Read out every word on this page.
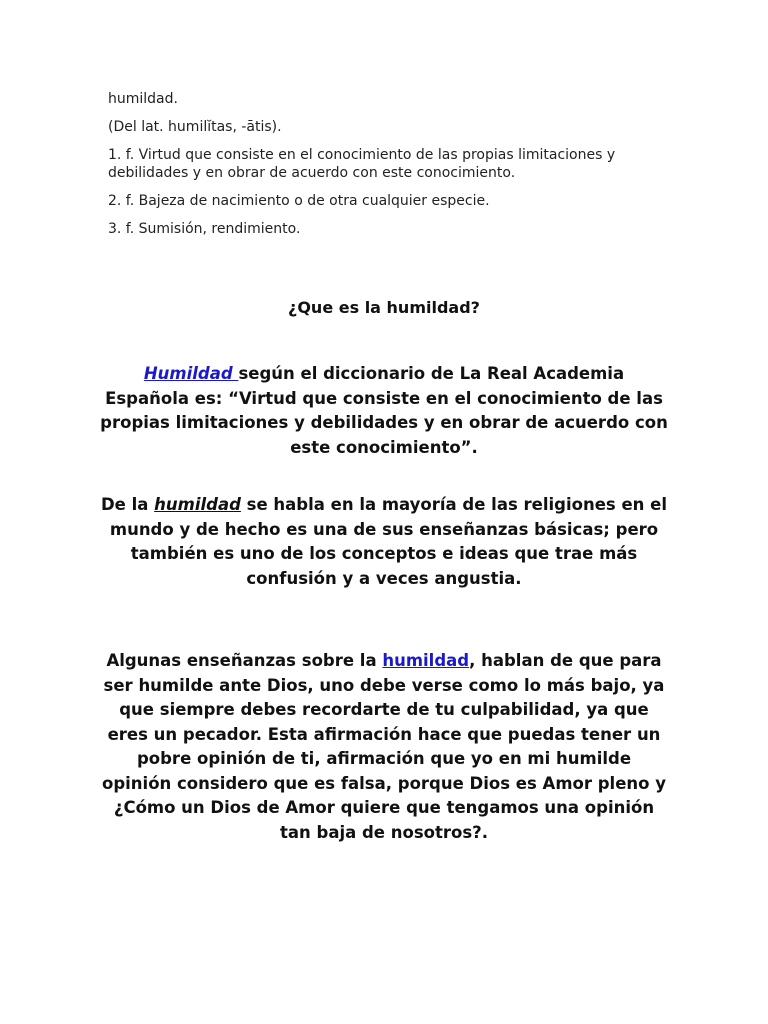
humildad.

(Del lat. humilĭtas, -ātis).

1. f. Virtud que consiste en el conocimiento de las propias limitaciones y debilidades y en obrar de acuerdo con este conocimiento.

2. f. Bajeza de nacimiento o de otra cualquier especie.

3. f. Sumisión, rendimiento.

¿Que es la humildad?

Humildad según el diccionario de La Real Academia Española es: “Virtud que consiste en el conocimiento de las propias limitaciones y debilidades y en obrar de acuerdo con este conocimiento”.

De la humildad se habla en la mayoría de las religiones en el mundo y de hecho es una de sus enseñanzas básicas; pero también es uno de los conceptos e ideas que trae más confusión y a veces angustia.

Algunas enseñanzas sobre la humildad, hablan de que para ser humilde ante Dios, uno debe verse como lo más bajo, ya que siempre debes recordarte de tu culpabilidad, ya que eres un pecador. Esta afirmación hace que puedas tener un pobre opinión de ti, afirmación que yo en mi humilde opinión considero que es falsa, porque Dios es Amor pleno y ¿Cómo un Dios de Amor quiere que tengamos una opinión tan baja de nosotros?.
